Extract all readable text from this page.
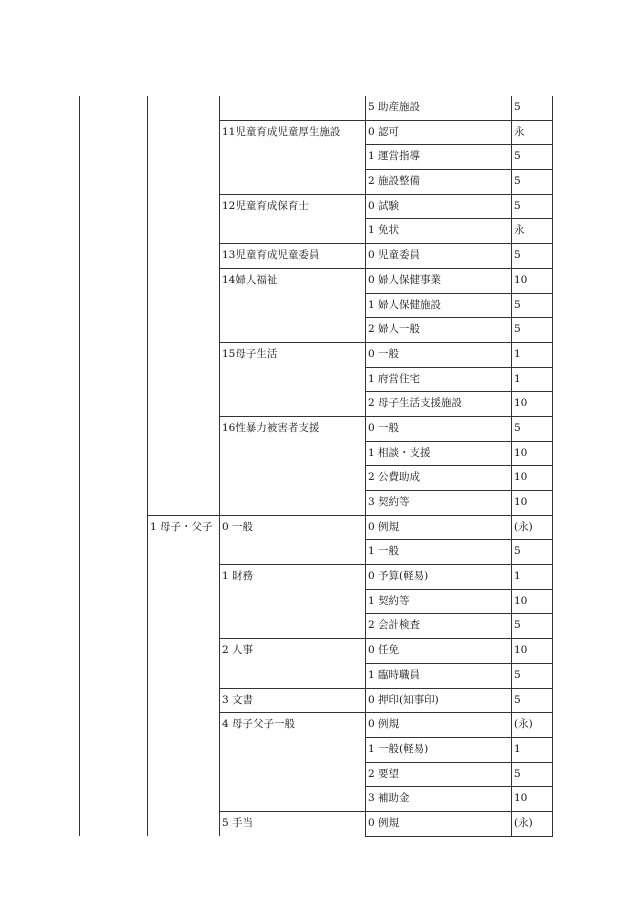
			5 助産施設	5
		11児童育成児童厚生施設	0 認可	永
			1 運営指導	5
			2 施設整備	5
		12児童育成保育士	0 試験	5
			1 免状	永
		13児童育成児童委員	0 児童委員	5
		14婦人福祉	0 婦人保健事業	10
			1 婦人保健施設	5
			2 婦人一般	5
		15母子生活	0 一般	1
			1 府営住宅	1
			2 母子生活支援施設	10
		16性暴力被害者支援	0 一般	5
			1 相談・支援	10
			2 公費助成	10
			3 契約等	10
	1 母子・父子	0 一般	0 例規	(永)
			1 一般	5
		1 財務	0 予算(軽易)	1
			1 契約等	10
			2 会計検査	5
		2 人事	0 任免	10
			1 臨時職員	5
		3 文書	0 押印(知事印)	5
		4 母子父子一般	0 例規	(永)
			1 一般(軽易)	1
			2 要望	5
			3 補助金	10
		5 手当	0 例規	(永)
